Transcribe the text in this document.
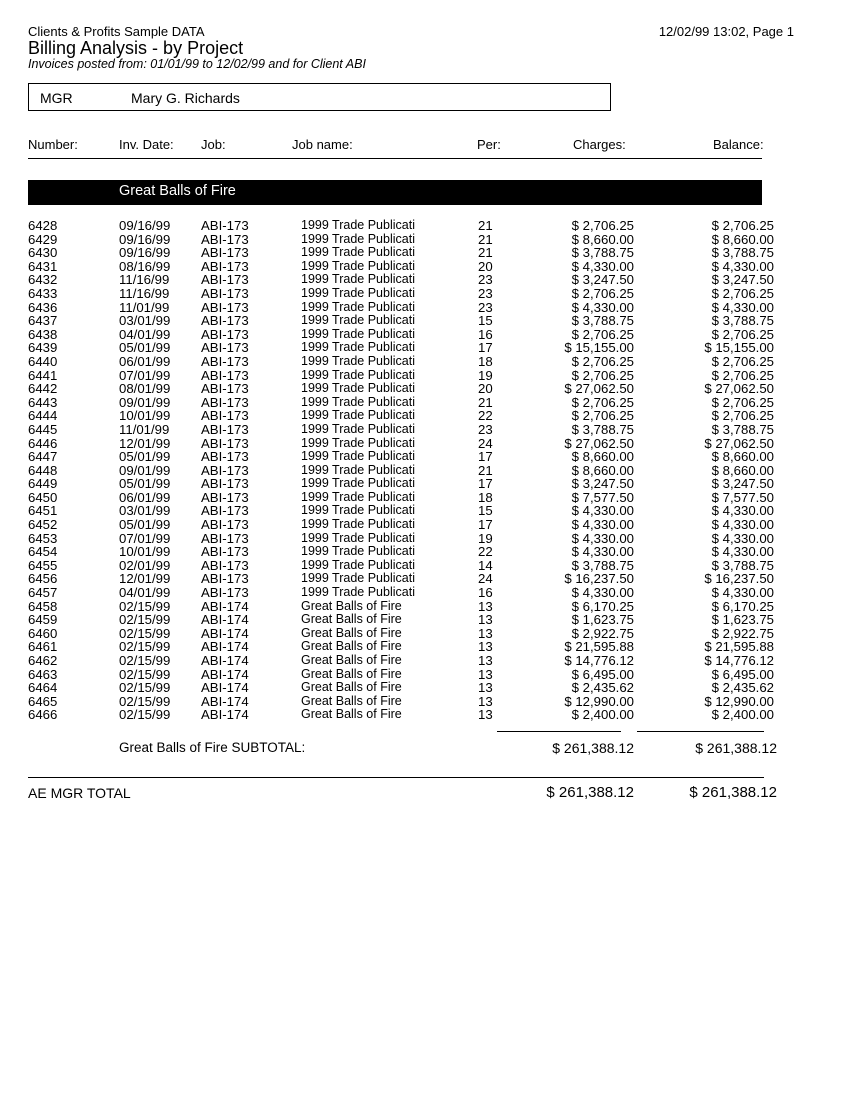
Clients & Profits Sample DATA	12/02/99 13:02, Page 1
Billing Analysis - by Project
Invoices posted from: 01/01/99 to 12/02/99 and for Client ABI
MGR	Mary G. Richards
Number:	Inv. Date: Job:	Job name:	Per:	Charges:	Balance:
Great Balls of Fire
6428	09/16/99 ABI-173	1999 Trade Publicati	21	$ 2,706.25	$ 2,706.25
6429	09/16/99 ABI-173	1999 Trade Publicati	21	$ 8,660.00	$ 8,660.00
6430	09/16/99 ABI-173	1999 Trade Publicati	21	$ 3,788.75	$ 3,788.75
6431	08/16/99 ABI-173	1999 Trade Publicati	20	$ 4,330.00	$ 4,330.00
6432	11/16/99 ABI-173	1999 Trade Publicati	23	$ 3,247.50	$ 3,247.50
6433	11/16/99 ABI-173	1999 Trade Publicati	23	$ 2,706.25	$ 2,706.25
6436	11/01/99 ABI-173	1999 Trade Publicati	23	$ 4,330.00	$ 4,330.00
6437	03/01/99 ABI-173	1999 Trade Publicati	15	$ 3,788.75	$ 3,788.75
6438	04/01/99 ABI-173	1999 Trade Publicati	16	$ 2,706.25	$ 2,706.25
6439	05/01/99 ABI-173	1999 Trade Publicati	17	$ 15,155.00	$ 15,155.00
6440	06/01/99 ABI-173	1999 Trade Publicati	18	$ 2,706.25	$ 2,706.25
6441	07/01/99 ABI-173	1999 Trade Publicati	19	$ 2,706.25	$ 2,706.25
6442	08/01/99 ABI-173	1999 Trade Publicati	20	$ 27,062.50	$ 27,062.50
6443	09/01/99 ABI-173	1999 Trade Publicati	21	$ 2,706.25	$ 2,706.25
6444	10/01/99 ABI-173	1999 Trade Publicati	22	$ 2,706.25	$ 2,706.25
6445	11/01/99 ABI-173	1999 Trade Publicati	23	$ 3,788.75	$ 3,788.75
6446	12/01/99 ABI-173	1999 Trade Publicati	24	$ 27,062.50	$ 27,062.50
6447	05/01/99 ABI-173	1999 Trade Publicati	17	$ 8,660.00	$ 8,660.00
6448	09/01/99 ABI-173	1999 Trade Publicati	21	$ 8,660.00	$ 8,660.00
6449	05/01/99 ABI-173	1999 Trade Publicati	17	$ 3,247.50	$ 3,247.50
6450	06/01/99 ABI-173	1999 Trade Publicati	18	$ 7,577.50	$ 7,577.50
6451	03/01/99 ABI-173	1999 Trade Publicati	15	$ 4,330.00	$ 4,330.00
6452	05/01/99 ABI-173	1999 Trade Publicati	17	$ 4,330.00	$ 4,330.00
6453	07/01/99 ABI-173	1999 Trade Publicati	19	$ 4,330.00	$ 4,330.00
6454	10/01/99 ABI-173	1999 Trade Publicati	22	$ 4,330.00	$ 4,330.00
6455	02/01/99 ABI-173	1999 Trade Publicati	14	$ 3,788.75	$ 3,788.75
6456	12/01/99 ABI-173	1999 Trade Publicati	24	$ 16,237.50	$ 16,237.50
6457	04/01/99 ABI-173	1999 Trade Publicati	16	$ 4,330.00	$ 4,330.00
6458	02/15/99 ABI-174	Great Balls of Fire	13	$ 6,170.25	$ 6,170.25
6459	02/15/99 ABI-174	Great Balls of Fire	13	$ 1,623.75	$ 1,623.75
6460	02/15/99 ABI-174	Great Balls of Fire	13	$ 2,922.75	$ 2,922.75
6461	02/15/99 ABI-174	Great Balls of Fire	13	$ 21,595.88	$ 21,595.88
6462	02/15/99 ABI-174	Great Balls of Fire	13	$ 14,776.12	$ 14,776.12
6463	02/15/99 ABI-174	Great Balls of Fire	13	$ 6,495.00	$ 6,495.00
6464	02/15/99 ABI-174	Great Balls of Fire	13	$ 2,435.62	$ 2,435.62
6465	02/15/99 ABI-174	Great Balls of Fire	13	$ 12,990.00	$ 12,990.00
6466	02/15/99 ABI-174	Great Balls of Fire	13	$ 2,400.00	$ 2,400.00
Great Balls of Fire SUBTOTAL:	$ 261,388.12	$ 261,388.12
AE MGR TOTAL	$ 261,388.12	$ 261,388.12
